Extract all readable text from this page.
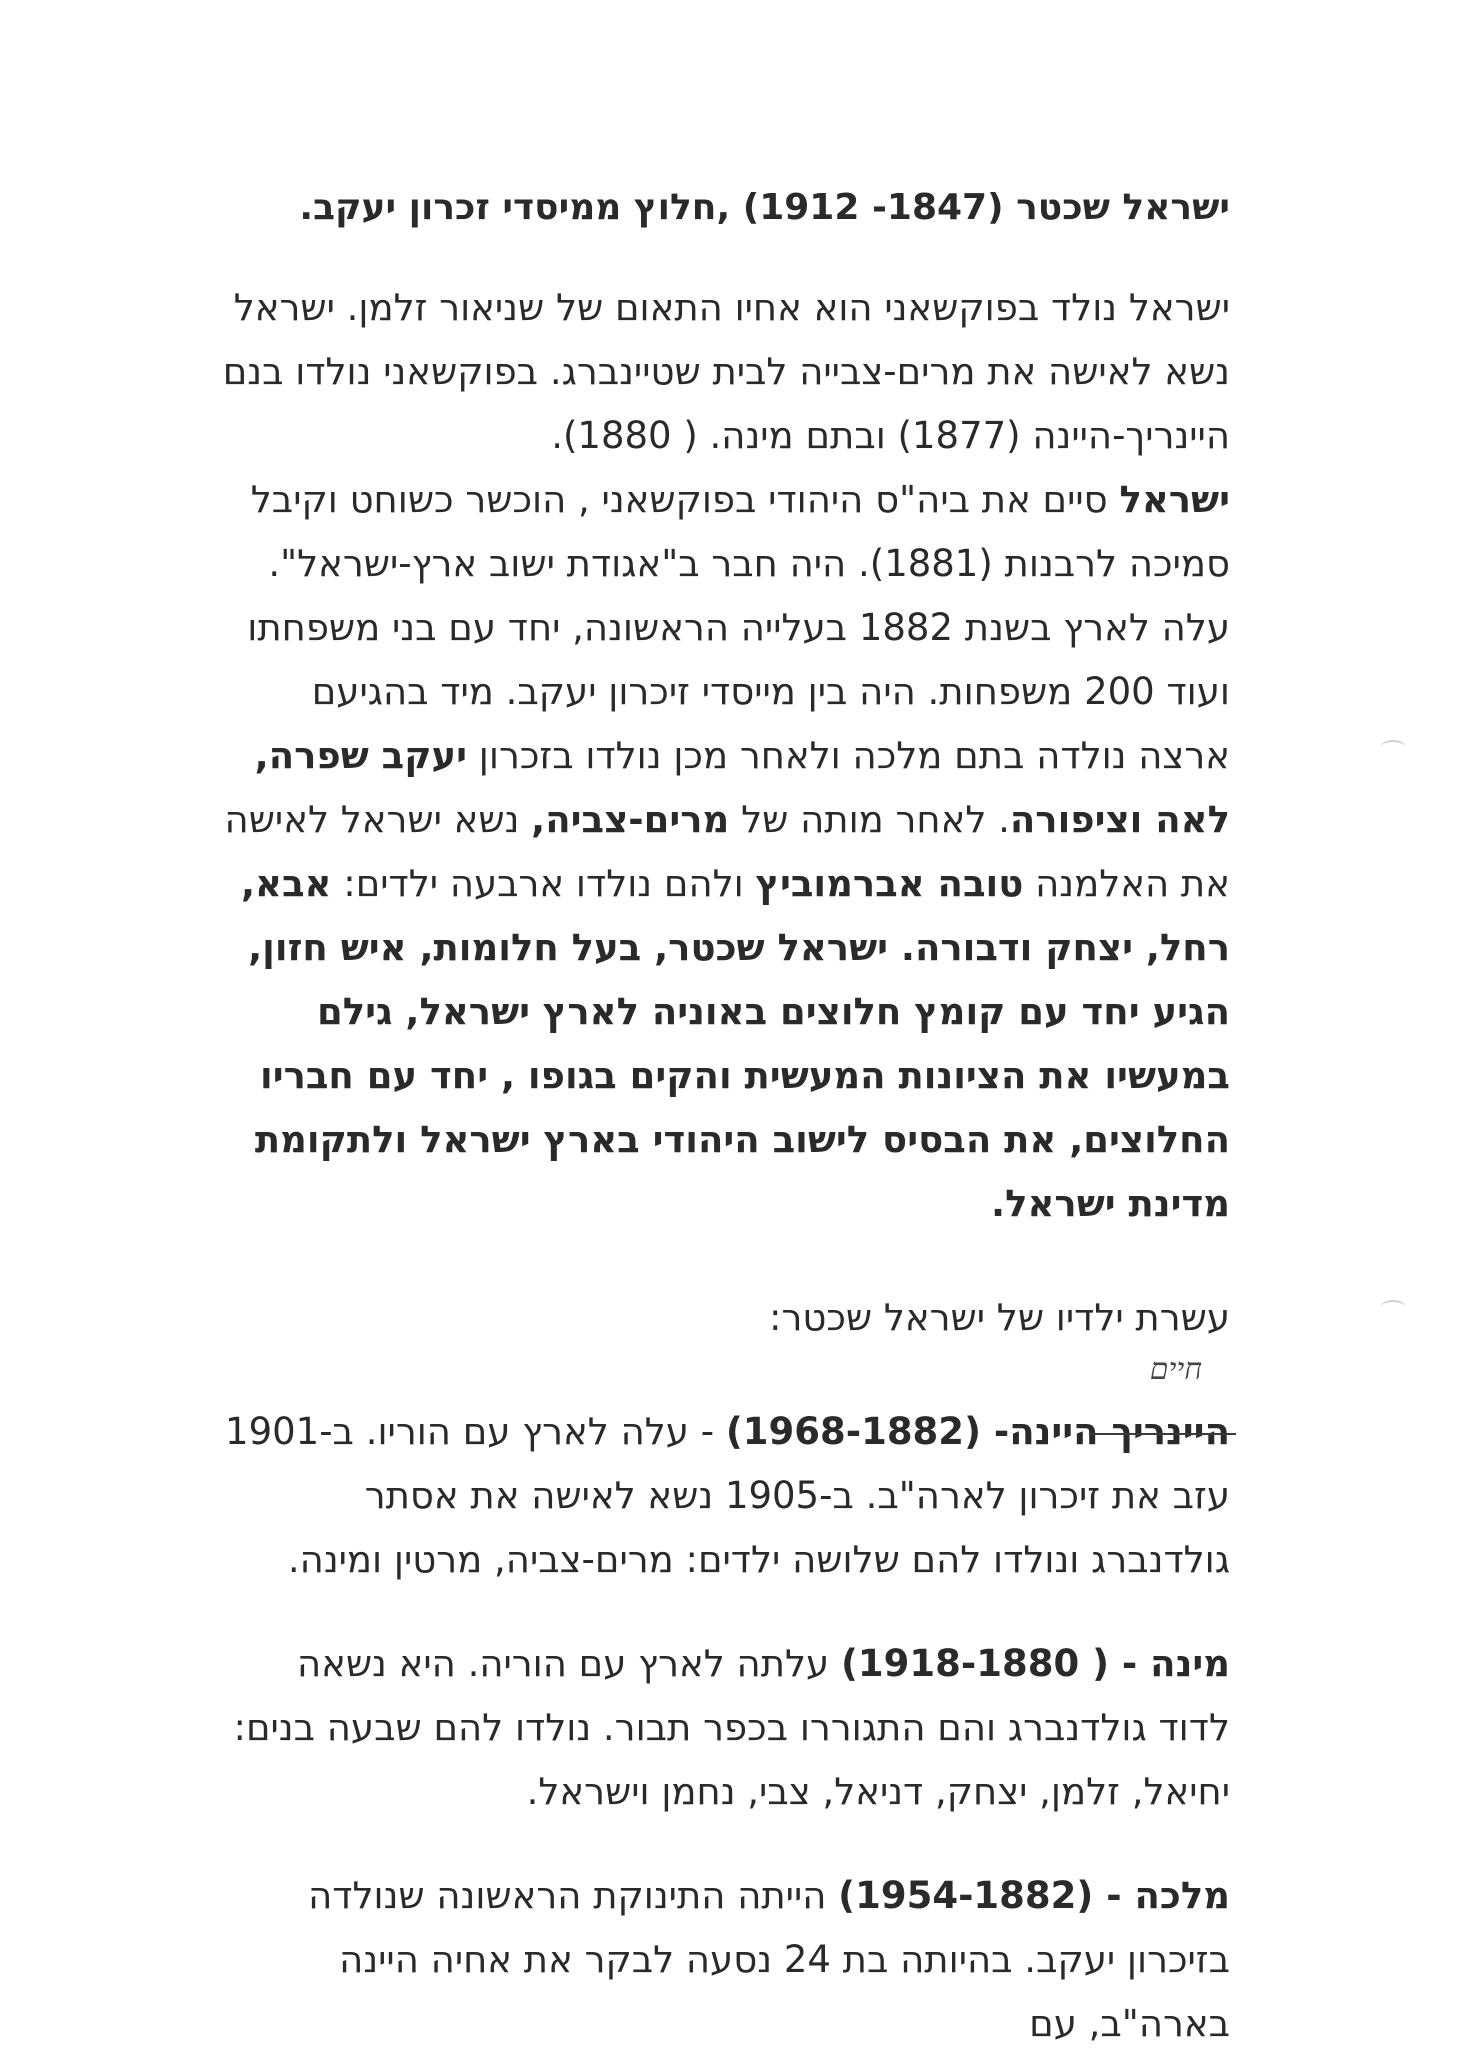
ישראל שכטר (1847- 1912) ,חלוץ ממיסדי זכרון יעקב.

ישראל נולד בפוקשאני הוא אחיו התאום של שניאור זלמן. ישראל נשא לאישה את מרים-צבייה לבית שטיינברג. בפוקשאני נולדו בנם היינריך-היינה (1877) ובתם מינה. ( 1880).

ישראל סיים את ביה"ס היהודי בפוקשאני , הוכשר כשוחט וקיבל סמיכה לרבנות (1881). היה חבר ב"אגודת ישוב ארץ-ישראל". עלה לארץ בשנת 1882 בעלייה הראשונה, יחד עם בני משפחתו ועוד 200 משפחות. היה בין מייסדי זיכרון יעקב. מיד בהגיעם ארצה נולדה בתם מלכה ולאחר מכן נולדו בזכרון יעקב שפרה, לאה וציפורה. לאחר מותה של מרים-צביה, נשא ישראל לאישה את האלמנה טובה אברמוביץ ולהם נולדו ארבעה ילדים: אבא, רחל, יצחק ודבורה. ישראל שכטר, בעל חלומות, איש חזון, הגיע יחד עם קומץ חלוצים באוניה לארץ ישראל, גילם במעשיו את הציונות המעשית והקים בגופו , יחד עם חבריו החלוצים, את הבסיס לישוב היהודי בארץ ישראל ולתקומת מדינת ישראל.

עשרת ילדיו של ישראל שכטר:

היינריך
חיים
היינה- (1968-1882) - עלה לארץ עם הוריו. ב-1901 עזב את זיכרון לארה"ב. ב-1905 נשא לאישה את אסתר גולדנברג ונולדו להם שלושה ילדים: מרים-צביה, מרטין ומינה.

מינה - ( 1918-1880) עלתה לארץ עם הוריה. היא נשאה לדוד גולדנברג והם התגוררו בכפר תבור. נולדו להם שבעה בנים: יחיאל, זלמן, יצחק, דניאל, צבי, נחמן וישראל.

מלכה - (1954-1882) הייתה התינוקת הראשונה שנולדה בזיכרון יעקב. בהיותה בת 24 נסעה לבקר את אחיה היינה בארה"ב, עם
